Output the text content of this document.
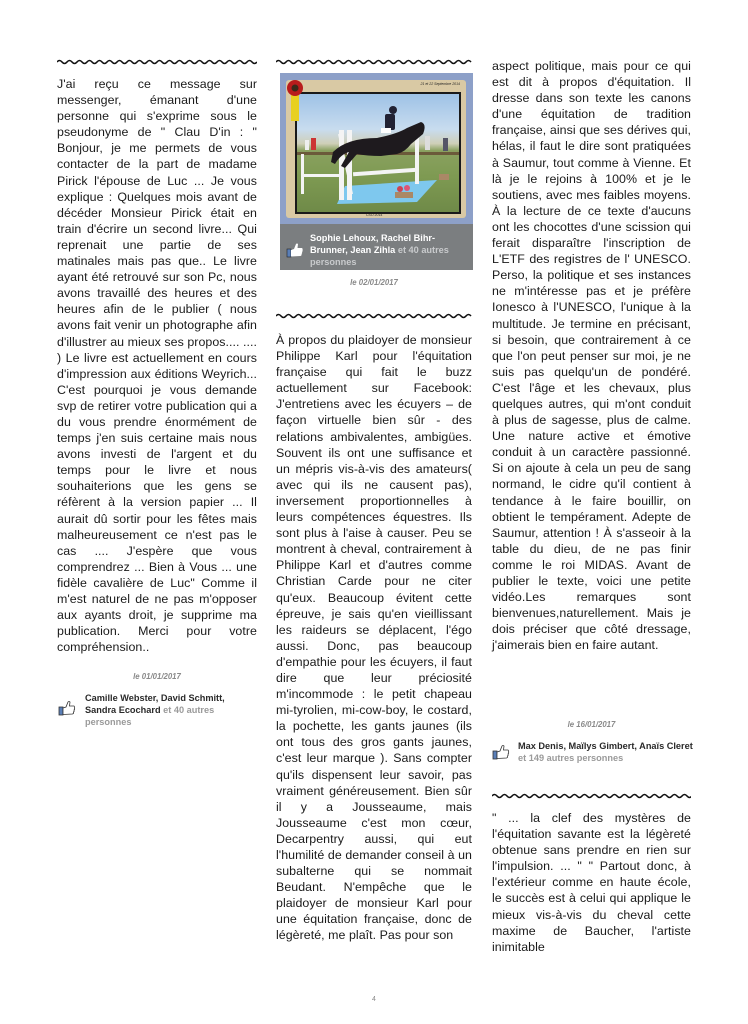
J'ai reçu ce message sur messenger, émanant d'une personne qui s'exprime sous le pseudonyme de " Clau D'in : " Bonjour, je me permets de vous contacter de la part de madame Pirick l'épouse de Luc ... Je vous explique : Quelques mois avant de décéder Monsieur Pirick était en train d'écrire un second livre... Qui reprenait une partie de ses matinales mais pas que.. Le livre ayant été retrouvé sur son Pc, nous avons travaillé des heures et des heures afin de le publier ( nous avons fait venir un photographe afin d'illustrer au mieux ses propos.... .... ) Le livre est actuellement en cours d'impression aux éditions Weyrich... C'est pourquoi je vous demande svp de retirer votre publication qui a du vous prendre énormément de temps j'en suis certaine mais nous avons investi de l'argent et du temps pour le livre et nous souhaiterions que les gens se réfèrent à la version papier ... Il aurait dû sortir pour les fêtes mais malheureusement ce n'est pas le cas .... J'espère que vous comprendrez ... Bien à Vous ... une fidèle cavalière de Luc" Comme il m'est naturel de ne pas m'opposer aux ayants droit, je supprime ma publication. Merci pour votre compréhension..

le 01/01/2017
Camille Webster, David Schmitt, Sandra Ecochard et 40 autres personnes
21 et 22 Septembre 2014
CSO 2014
Sophie Lehoux, Rachel Bihr-Brunner, Jean Zihla et 40 autres personnes
le 02/01/2017

À propos du plaidoyer de monsieur Philippe Karl pour l'équitation française qui fait le buzz actuellement sur Facebook: J'entretiens avec les écuyers – de façon virtuelle bien sûr - des relations ambivalentes, ambigües. Souvent ils ont une suffisance et un mépris vis-à-vis des amateurs( avec qui ils ne causent pas), inversement proportionnelles à leurs compétences équestres. Ils sont plus à l'aise à causer. Peu se montrent à cheval, contrairement à Philippe Karl et d'autres comme Christian Carde pour ne citer qu'eux. Beaucoup évitent cette épreuve, je sais qu'en vieillissant les raideurs se déplacent, l'égo aussi. Donc, pas beaucoup d'empathie pour les écuyers, il faut dire que leur préciosité m'incommode : le petit chapeau mi-tyrolien, mi-cow-boy, le costard, la pochette, les gants jaunes (ils ont tous des gros gants jaunes, c'est leur marque ). Sans compter qu'ils dispensent leur savoir, pas vraiment généreusement. Bien sûr il y a Jousseaume, mais Jousseaume c'est mon cœur, Decarpentry aussi, qui eut l'humilité de demander conseil à un subalterne qui se nommait Beudant. N'empêche que le plaidoyer de monsieur Karl pour une équitation française, donc de légèreté, me plaît. Pas pour son

aspect politique, mais pour ce qui est dit à propos d'équitation. Il dresse dans son texte les canons d'une équitation de tradition française, ainsi que ses dérives qui, hélas, il faut le dire sont pratiquées à Saumur, tout comme à Vienne. Et là je le rejoins à 100% et je le soutiens, avec mes faibles moyens. À la lecture de ce texte d'aucuns ont les chocottes d'une scission qui ferait disparaître l'inscription de L'ETF des registres de l' UNESCO. Perso, la politique et ses instances ne m'intéresse pas et je préfère Ionesco à l'UNESCO, l'unique à la multitude. Je termine en précisant, si besoin, que contrairement à ce que l'on peut penser sur moi, je ne suis pas quelqu'un de pondéré. C'est l'âge et les chevaux, plus quelques autres, qui m'ont conduit à plus de sagesse, plus de calme. Une nature active et émotive conduit à un caractère passionné. Si on ajoute à cela un peu de sang normand, le cidre qu'il contient à tendance à le faire bouillir, on obtient le tempérament. Adepte de Saumur, attention ! À s'asseoir à la table du dieu, de ne pas finir comme le roi MIDAS. Avant de publier le texte, voici une petite vidéo.Les remarques sont bienvenues,naturellement. Mais je dois préciser que côté dressage, j'aimerais bien en faire autant.

le 16/01/2017
Max Denis, Maïlys Gimbert, Anaïs Cleret et 149 autres personnes

" ... la clef des mystères de l'équitation savante est la légèreté obtenue sans prendre en rien sur l'impulsion. ... " " Partout donc, à l'extérieur comme en haute école, le succès est à celui qui applique le mieux vis-à-vis du cheval cette maxime de Baucher, l'artiste inimitable

4
